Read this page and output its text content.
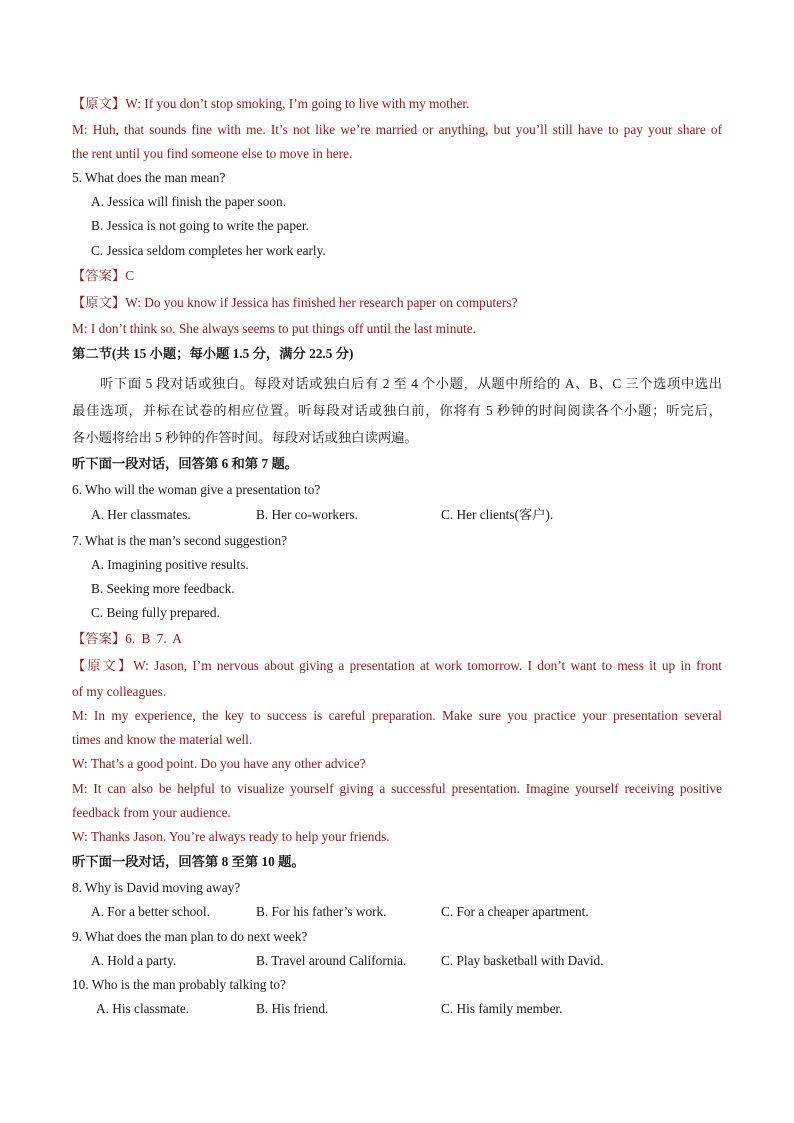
【原文】W: If you don’t stop smoking, I’m going to live with my mother.
M: Huh, that sounds fine with me. It’s not like we’re married or anything, but you’ll still have to pay your share of
the rent until you find someone else to move in here.
5. What does the man mean?
A. Jessica will finish the paper soon.
B. Jessica is not going to write the paper.
C. Jessica seldom completes her work early.
【答案】C
【原文】W: Do you know if Jessica has finished her research paper on computers?
M: I don’t think so. She always seems to put things off until the last minute.
第二节(共 15 小题；每小题 1.5 分，满分 22.5 分)
听下面 5 段对话或独白。每段对话或独白后有 2 至 4 个小题，从题中所给的 A、B、C 三个选项中选出
最佳选项，并标在试卷的相应位置。听每段对话或独白前，你将有 5 秒钟的时间阅读各个小题；听完后，
各小题将给出 5 秒钟的作答时间。每段对话或独白读两遍。
听下面一段对话，回答第 6 和第 7 题。
6. Who will the woman give a presentation to?
A. Her classmates.	B. Her co-workers.	C. Her clients(客户).
7. What is the man’s second suggestion?
A. Imagining positive results.
B. Seeking more feedback.
C. Being fully prepared.
【答案】6. B 7. A
【原文】W: Jason, I’m nervous about giving a presentation at work tomorrow. I don’t want to mess it up in front
of my colleagues.
M: In my experience, the key to success is careful preparation. Make sure you practice your presentation several
times and know the material well.
W: That’s a good point. Do you have any other advice?
M: It can also be helpful to visualize yourself giving a successful presentation. Imagine yourself receiving positive
feedback from your audience.
W: Thanks Jason. You’re always ready to help your friends.
听下面一段对话，回答第 8 至第 10 题。
8. Why is David moving away?
A. For a better school.	B. For his father’s work.	C. For a cheaper apartment.
9. What does the man plan to do next week?
A. Hold a party.	B. Travel around California.	C. Play basketball with David.
10. Who is the man probably talking to?
A. His classmate.	B. His friend.	C. His family member.
